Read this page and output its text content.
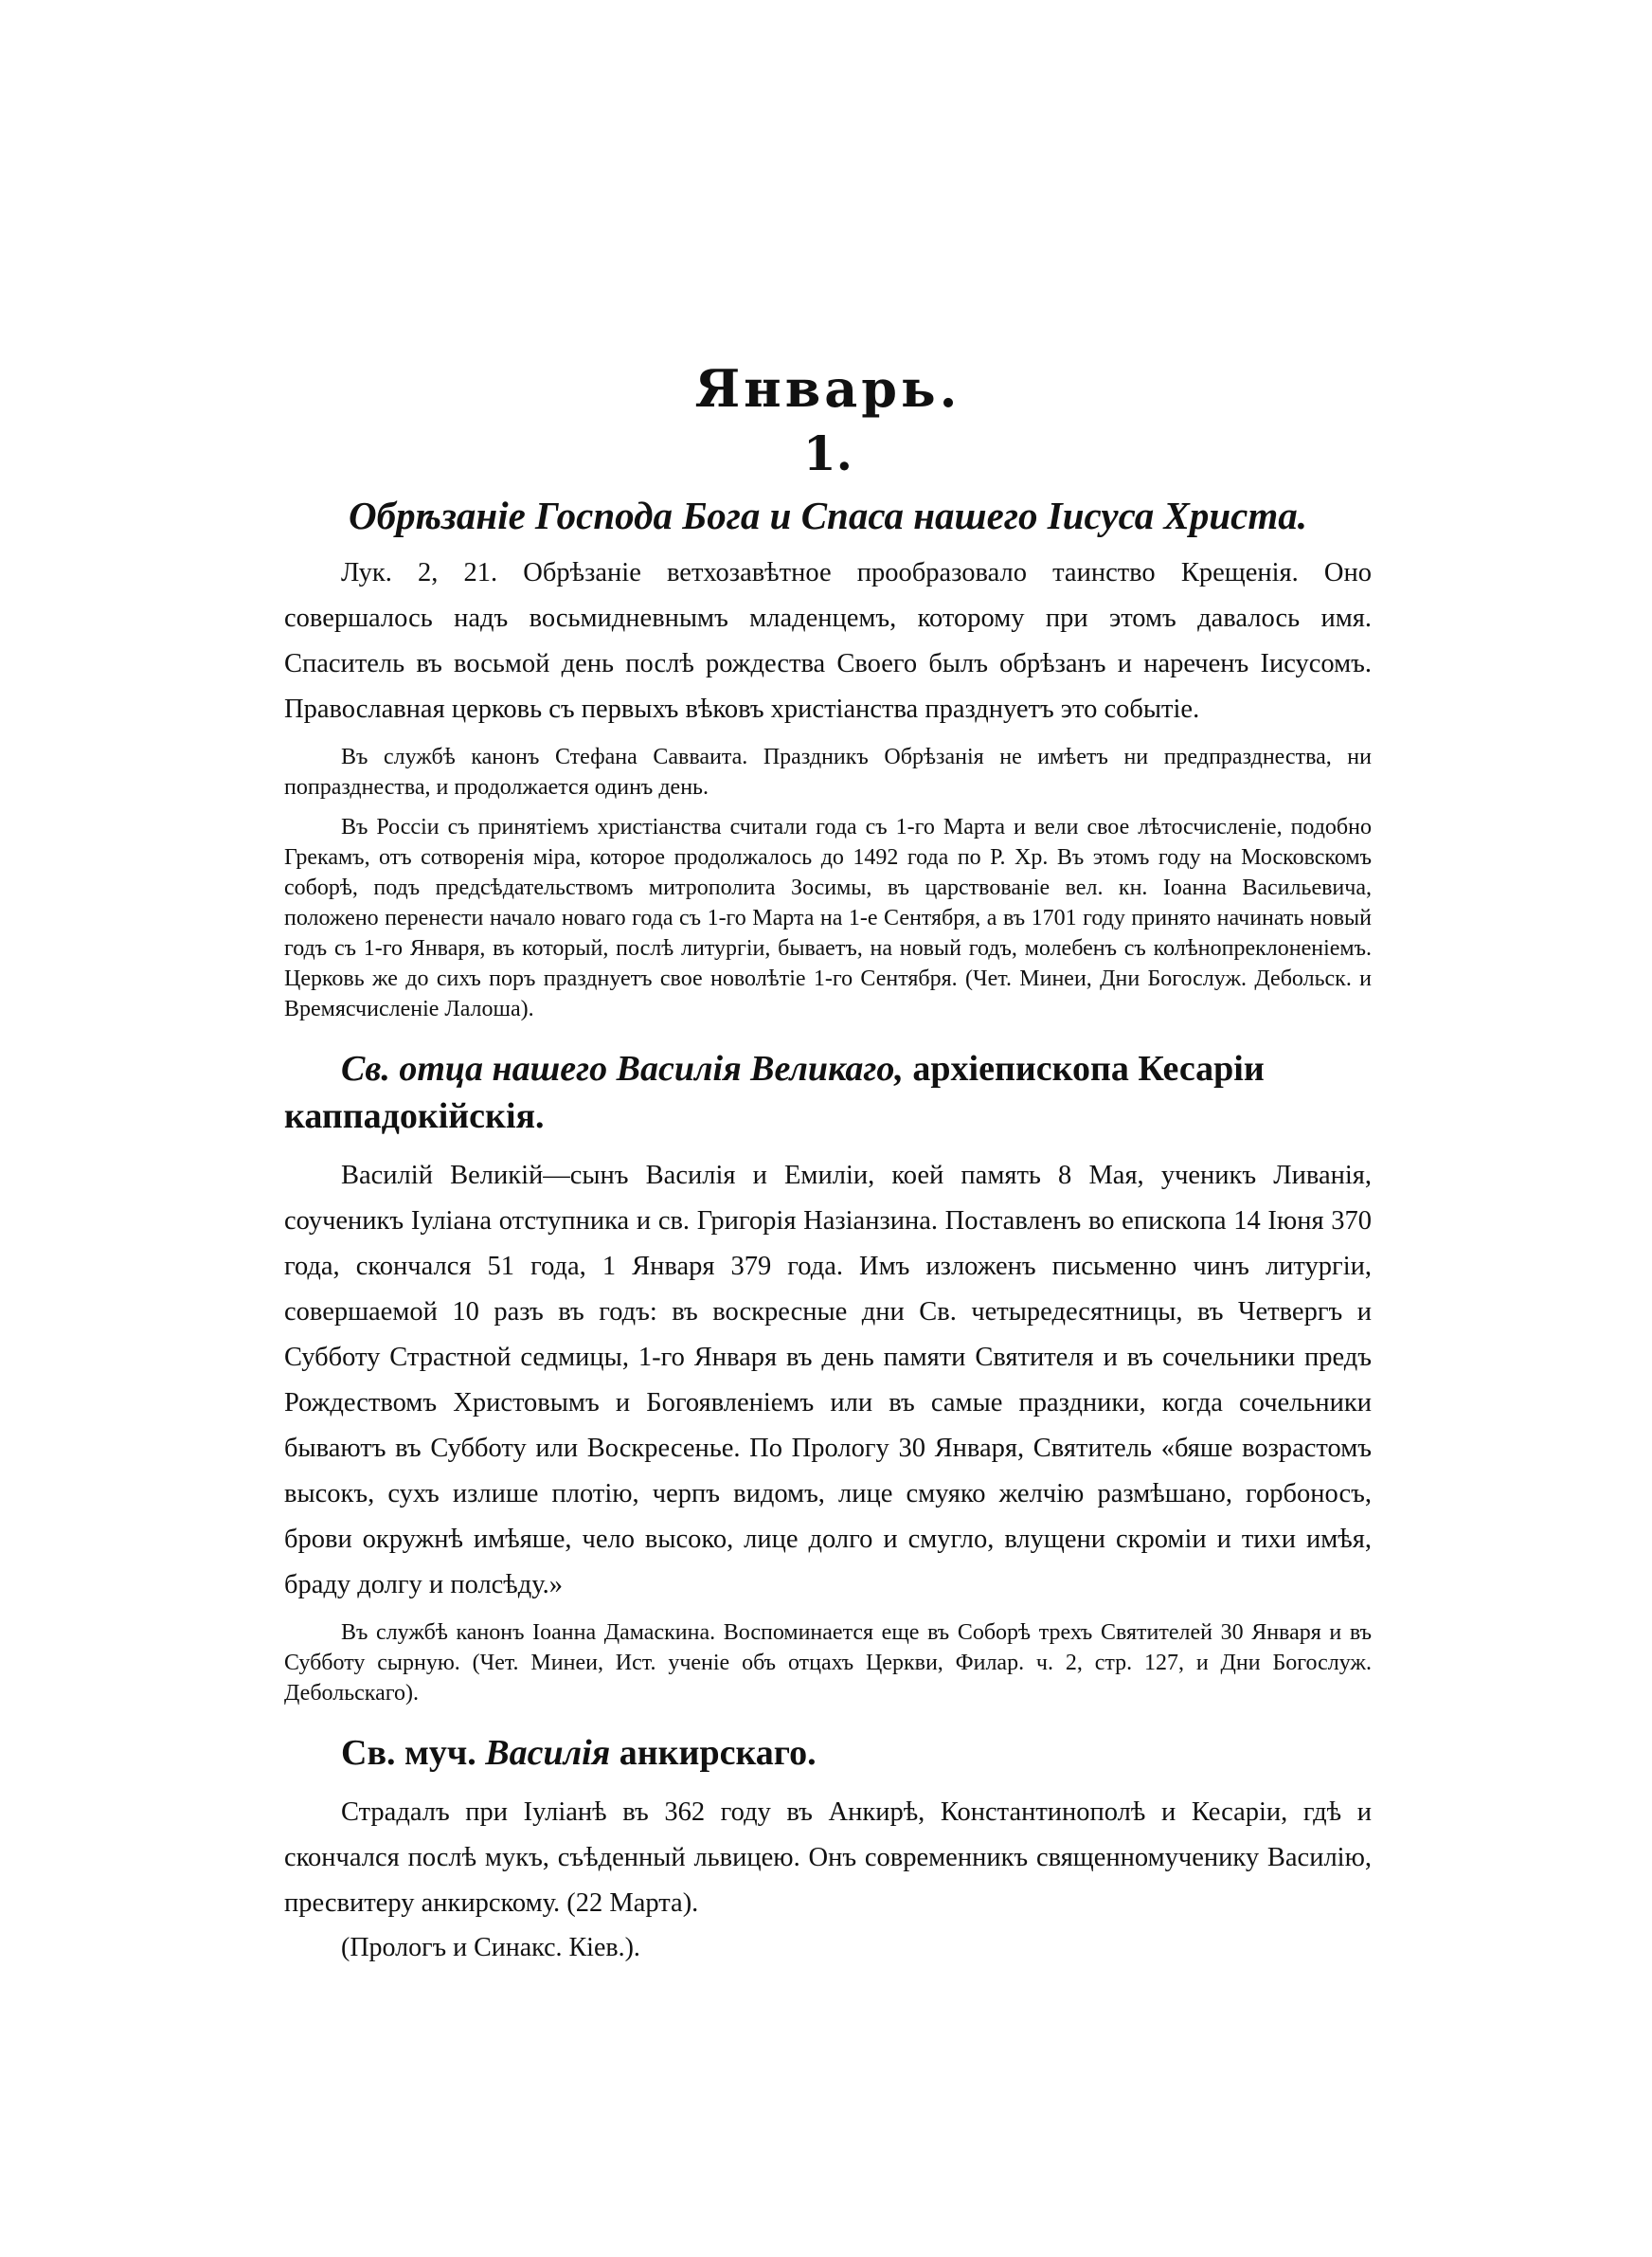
Январь.
1.
Обрѣзаніе Господа Бога и Спаса нашего Іисуса Христа.

Лук. 2, 21. Обрѣзаніе ветхозавѣтное прообразовало таинство Крещенія. Оно совершалось надъ восьмидневнымъ младенцемъ, которому при этомъ давалось имя. Спаситель въ восьмой день послѣ рождества Своего былъ обрѣзанъ и нареченъ Іисусомъ. Православная церковь съ первыхъ вѣковъ христіанства празднуетъ это событіе.

Въ службѣ канонъ Стефана Савваита. Праздникъ Обрѣзанія не имѣетъ ни предпразднества, ни попразднества, и продолжается одинъ день.

Въ Россіи съ принятіемъ христіанства считали года съ 1-го Марта и вели свое лѣтосчисленіе, подобно Грекамъ, отъ сотворенія міра, которое продолжалось до 1492 года по Р. Хр. Въ этомъ году на Московскомъ соборѣ, подъ предсѣдательствомъ митрополита Зосимы, въ царствованіе вел. кн. Іоанна Васильевича, положено перенести начало новаго года съ 1-го Марта на 1-е Сентября, а въ 1701 году принято начинать новый годъ съ 1-го Января, въ который, послѣ литургіи, бываетъ, на новый годъ, молебенъ съ колѣнопреклоненіемъ. Церковь же до сихъ поръ празднуетъ свое новолѣтіе 1-го Сентября. (Чет. Минеи, Дни Богослуж. Дебольск. и Времясчисленіе Лалоша).

Св. отца нашего Василія Великаго, архіепископа Кесаріи каппадокійскія.

Василій Великій—сынъ Василія и Емиліи, коей память 8 Мая, ученикъ Ливанія, соученикъ Іуліана отступника и св. Григорія Назіанзина. Поставленъ во епископа 14 Іюня 370 года, скончался 51 года, 1 Января 379 года. Имъ изложенъ письменно чинъ литургіи, совершаемой 10 разъ въ годъ: въ воскресные дни Св. четыредесятницы, въ Четвергъ и Субботу Страстной седмицы, 1-го Января въ день памяти Святителя и въ сочельники предъ Рождествомъ Христовымъ и Богоявленіемъ или въ самые праздники, когда сочельники бываютъ въ Субботу или Воскресенье. По Прологу 30 Января, Святитель «бяше возрастомъ высокъ, сухъ излише плотію, черпъ видомъ, лице смуяко желчію размѣшано, горбоносъ, брови окружнѣ имѣяше, чело высоко, лице долго и смугло, влущени скроміи и тихи имѣя, браду долгу и полсѣду.»

Въ службѣ канонъ Іоанна Дамаскина. Воспоминается еще въ Соборѣ трехъ Святителей 30 Января и въ Субботу сырную. (Чет. Минеи, Ист. ученіе объ отцахъ Церкви, Филар. ч. 2, стр. 127, и Дни Богослуж. Дебольскаго).

Св. муч. Василія анкирскаго.

Страдалъ при Іуліанѣ въ 362 году въ Анкирѣ, Константинополѣ и Кесаріи, гдѣ и скончался послѣ мукъ, съѣденный львицею. Онъ современникъ священномученику Василію, пресвитеру анкирскому. (22 Марта).

(Прологъ и Синакс. Кіев.).
